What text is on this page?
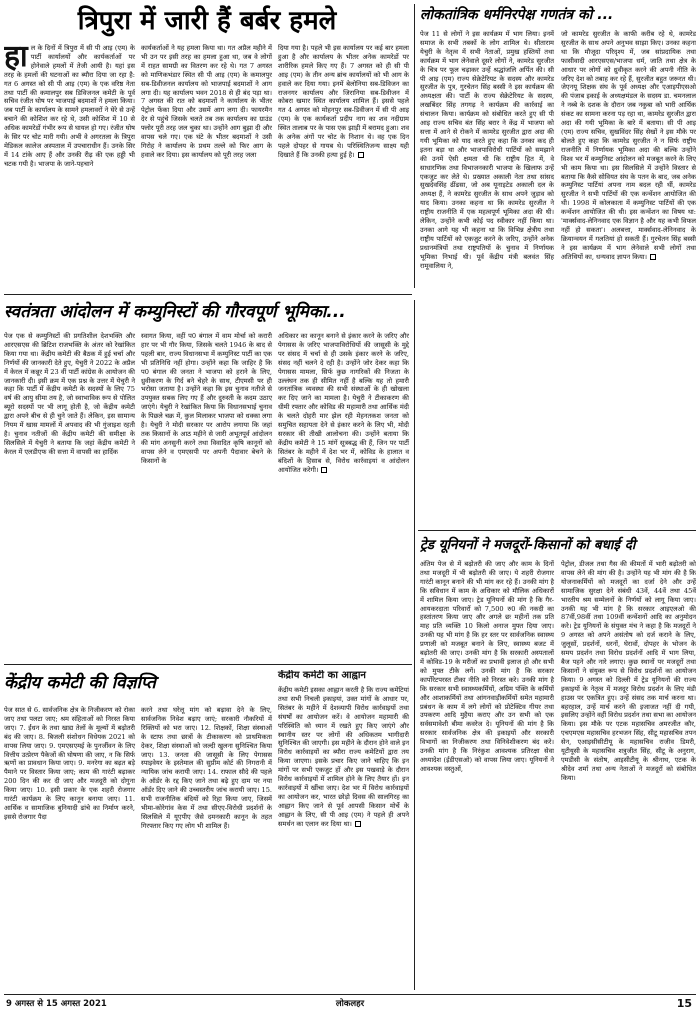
त्रिपुरा में जारी हैं बर्बर हमले
हा ल के दिनों में त्रिपुरा में सी पी आइ (एम) के पार्टी कार्यालयों और कार्यकर्ताओं पर होनेवाले हमलों में तेजी आयी है। यहां इस तरह के हमलों की घटनाओं का ब्यौरा दिया जा रहा है: गत 6 अगस्त को सी पी आइ (एम) के एक वरिष्ठ नेता तथा पार्टी की कमालपुर सब डिविजनल कमेटी के पूर्व सचिव रंजीत घोष पर भाजपाई बदमाशों ने हमला किया। जब पार्टी के कार्यालय के सामने हमलावरों ने घेरे से उन्हें बचाने की कोशिश कर रहे थे, उसी कोशिश में 10 से अधिक कामरेडों गंभीर रूप से घायल हो गए। रंजीत घोष के सिर पर चोट मारी गयी। अभी वे अगरतला के त्रिपुरा मेडिकल कालेज अस्पताल में उपचाराधीन हैं। उनके सिर में 14 टांके आए हैं और उनकी रीढ़ की एक हड्डी भी चटक गयी है। भाजपा के जाने-पहचाने
कार्यकर्ताओं ने यह हमला किया था। गत अप्रैल महीने में भी उन पर इसी तरह का हमला हुआ था, जब वे लोगों में राहत सामग्री का वितरण कर रहे थे। गत 7 अगस्त को माणिकभंडार स्थित सी पी आइ (एम) के कमालपुर सब-डिवीजनल कार्यालय को भाजपाई बदमाशों ने आग लगा दी। यह कार्यालय भवन 2018 से ही बंद पड़ा था। 7 अगस्त की रात को बदमाशों ने कार्यालय के भीतर पेट्रोल फेंका दिया और उसमें आग लगा दी। फायरमैन देर से पहुंचे जिसके चलते तब तक कार्यालय का ग्राउंड फ्लोर पूरी तरह जल चुका था। उन्होंने आग बुझा दी और वापस चले गए। एक घंटे के भीतर बदमाशों ने उसी गिरोह ने कार्यालय के प्रथम तल्ले को फिर आग के हवाले कर दिया। इस कार्यालय को पूरी तरह जला
दिया गया है। पहले भी इस कार्यालय पर कई बार हमला हुआ है और कार्यालय के भीतर अनेक कामरेडों पर शारीरिक हमले किए गए हैं। 7 अगस्त को ही सी पी आइ (एम) के तीन अन्य ब्रांच कार्यालयों को भी आग के हवाले कर दिया गया। इनमें बेलोनिया सब-डिविजन का राजनगर कार्यालय और जिरानिया सब-डिवीजन में कोबरा खमार स्थित कार्यालय शामिल हैं। इससे पहले गत 4 अगस्त को मोहनपुर सब-डिवीजन में सी पी आइ (एम) के एक कार्यकर्ता प्रदीप नाग का शव नदीग्राम स्थित तालाब पर के पास एक झाड़ी में बरामद हुआ। शव के अनेक अंगों पर चोट के निशान थे। वह एक दिन पहले दोपहर से गायब थे। परिस्थितिजन्य साक्ष्य यही दिखाते हैं कि उनकी हत्या हुई है।
लोकतांत्रिक धर्मनिरपेक्ष गणतंत्र को ...
पेज 11 से लोगों ने इस कार्यक्रम में भाग लिया। इनमें समाज के सभी तबकों के लोग शामिल थे। सीताराम येचुरी के नेतृत्व में सभी नेताओं, प्रमुख हस्तियों तथा कार्यक्रम में भाग लेनेवाले दूसरे लोगों ने, कामरेड सुरजीत के चित्र पर फूल चढ़ाकर उन्हें श्रद्धांजलि अर्पित की। सी पी आइ (एम) राज्य सेक्रेटेरियट के सदस्य और कामरेड सुरजीत के पुत्र, गुरचेतन सिंह बस्सी ने इस कार्यक्रम की अध्यक्षता की। पार्टी के राज्य सेक्रेटेरियट के सदस्य, लखबिंदर सिंह तगगढ़ ने कार्यक्रम की कार्रवाई का संचालन किया। कार्यक्रम को संबोधित करते हुए सी पी आइ राज्य सचिव बंत सिंह बरार ने केंद्र में भाजपा को सत्ता में आने से रोकने में कामरेड सुरजीत द्वारा अदा की गयी भूमिका को याद करते हुए कहा कि उनका कद ही इतना बड़ा था और भाजपाविरोधी पार्टियों को समझाने की उनमें ऐसी क्षमता थी कि राष्ट्रीय हित में, वे साधारणिक तथा विभाजनकारी भाजपा के खिलाफ उन्हें एकजुट कर लेते थे। प्रख्यात अकाली नेता तथा सांसद सुखदेवसिंह ढींढसा, जो अब यूनाइटेड अकाली दल के अध्यक्ष हैं, ने कामरेड सुरजीत के साथ अपने जुड़ाव को याद किया। उनका कहना था कि कामरेड सुरजीत ने राष्ट्रीय राजनीति में एक महत्वपूर्ण भूमिका अदा की थी। लेकिन, उन्होंने कभी कोई पद स्वीकार नहीं किया था। उनका आगे यह भी कहना था कि विभिन्न क्षेत्रीय तथा राष्ट्रीय पार्टियों को एकजुट करने के जरिए, उन्होंने अनेक प्रधानमंत्रियों तथा राष्ट्रपतियों के चुनाव में निर्णायक भूमिका निभाई थी। पूर्व केंद्रीय मंत्री बलवंत सिंह रामूवालिया ने,
जो कामरेड सुरजीत के काफी करीब रहे थे, कामरेड सुरजीत के साथ अपने अनुभव साझा किए। उनका कहना था कि मौजूदा परिदृश्य में, जब सांप्रदायिक तथा फासीवादी आरएसएस/भाजपा धर्म, जाति तथा क्षेत्र के आधार पर लोगों को ध्रुवीकृत करने की अपनी नीति के जरिए देश को तबाह कर रहे हैं, सुरजीत बहुत जरूरत थी। जेएनयू शिक्षक संघ के पूर्व अध्यक्ष और एआइपीएसओ की पंजाब इकाई के अध्यक्षमंडल के सदस्य डा. चमनलाल ने नब्बे के दशक के दौरान जब नकुबा को भारी आर्थिक संकट का सामना करना पड़ रहा था, कामरेड सुरजीत द्वारा अदा की गयी भूमिका के बारे में बताया। सी पी आइ (एम) राज्य सचिव, सुखविंदर सिंह सेखों ने इस मौके पर बोलते हुए कहा कि कामरेड सुरजीत ने न सिर्फ राष्ट्रीय राजनीति में निर्णायक भूमिका अदा की बल्कि उन्होंने विश्व भर में कम्युनिस्ट आंदोलन को मजबूत करने के लिए भी काम किया था। इस सिलसिले में उन्होंने विस्तार से बताया कि कैसे सोवियत संघ के पतन के बाद, जब अनेक कम्युनिस्ट पार्टियां अपना नाम बदल रही थीं, कामरेड सुरजीत ने सभी पार्टियों की एक कन्वेंशन आयोजित की थी। 1998 में कोलकाता में कम्युनिस्ट पार्टियों की एक कन्वेंशन आयोजित की थी। इस कन्वेंशन का विषय था: 'मार्क्सवाद-लेनिनवाद एक विज्ञान है और यह कभी विफल नहीं हो सकता'। अलबत्ता, मार्क्सवाद-लेनिनवाद के क्रियान्वयन में गलतियां हो सकती हैं। गुरचेतन सिंह बस्सी ने इस कार्यक्रम में भाग लेनेवाले सभी लोगों तथा अतिथियों का, धन्यवाद ज्ञापन किया।
स्वतंत्रता आंदोलन में कम्युनिस्टों की गौरवपूर्ण भूमिका...
पेज एक से कम्युनिस्टों की प्रगतिशील देशभक्ति और आरएसएस की ब्रिटिश राजभक्ति के अंतर को रेखांकित किया गया था। केंद्रीय कमेटी की बैठक में हुई चर्चा और निर्णयों की जानकारी देते हुए, येचुरी ने 2022 के अप्रैल में केरल में कन्नूर में 23 वीं पार्टी कांग्रेस के आयोजन की जानकारी दी। इसी क्रम में एक प्रश्न के उत्तर में येचुरी ने कहा कि पार्टी में केंद्रीय कमेटी के सदस्यों के लिए 75 वर्ष की आयु सीमा तय है, जो स्वाभाविक रूप से पोलित ब्यूरो सदस्यों पर भी लागू होती है, जो केंद्रीय कमेटी द्वारा अपने बीच से ही चुने जाते हैं। लेकिन, इस सामान्य नियम में खास मामलों में अपवाद की भी गुंजाइश रहती है। चुनाव नतीजों की केंद्रीय कमेटी की समीक्षा के सिलसिले में येचुरी ने बताया कि जहां केंद्रीय कमेटी ने केरल में एलडीएफ की सत्ता में वापसी का हार्दिक
स्वागत किया, वहीं प0 बंगाल में वाम मोर्चा को करारी हार पर भी गौर किया, जिसके चलते 1946 के बाद से पहली बार, राज्य विधानसभा में कम्युनिस्ट पार्टी का एक भी प्रतिनिधि नहीं होगा। उन्होंने कहा कि जाहिर है कि प0 बंगाल की जनता ने भाजपा को हराने के लिए, ध्रुवीकरण के गिर्द बने चेहरे के साथ, टीएमसी पर ही भरोसा जताया है। उन्होंने कहा कि इस चुनाव नतीजे से उपयुक्त सबक लिए गए हैं और दुरुस्ती के कदम उठाए जाएंगे। येचुरी ने रेखांकित किया कि विधानसभाई चुनाव के पिछले चक्र में, कुल मिलाकर भाजपा को धक्का लगा है। येचुरी ने मोदी सरकार पर आरोप लगाया कि जहां तक किसानों के आठ महीने से जारी अभूतपूर्व आंदोलन की मांग अनसुनी करने तथा विवादित कृषि कानूनों को वापस लेने व एमएसपी पर अपनी पैदावार बेचने के किसानों के
अधिकार का कानून बनाने से इंकार करने के जरिए और पेगासस के जरिए भाजपाविरोधियों की जासूसी के मुद्दे पर संसद में चर्चा से ही उसके इंकार करने के जरिए, संसद नहीं चलने दे रही है। उन्होंने जोर देकर कहा कि पेगासस मामला, सिर्फ कुछ नागरिकों की निजता के उल्लंघन तक ही सीमित नहीं है बल्कि यह तो हमारी जनतांत्रिक व्यवस्था की सभी संस्थाओं के ही खोखला कर दिए जाने का मामला है। येचुरी ने टीकाकरण की धीमी रफ्तार और कोविड की महामारी तथा आर्थिक मंदी के चलते दोहरी मार झेल रही मेहनतकश जनता को समुचित सहायता देने से इंकार करने के लिए भी, मोदी सरकार की तीखी आलोचना की। उन्होंने बताया कि केंद्रीय कमेटी ने 15 मांगें सूत्रबद्ध की हैं, जिन पर पार्टी सितंबर के महीने में देश भर में, कोविड के हालात व बंदिशों के हिसाब से, विरोध कार्रवाइयां व आंदोलन आयोजित करेगी।
केंद्रीय कमेटी की विज्ञप्ति
पेज सात से 6. सार्वजनिक क्षेत्र के निजीकरण को रोका जाए तथा पलटा जाए; श्रम संहिताओं को निरस्त किया जाए। 7. ईंधन के तथा खाद्य तेलों के मूल्यों में बढ़ोतरी बंद की जाए। 8. बिजली संशोधन विधेयक 2021 को वापस लिया जाए। 9. एमएसएमई के पुनर्जीवन के लिए वित्तीय उत्प्रेरण पैकेजों की घोषणा की जाए, न कि सिर्फ ऋणों का प्रावधान किया जाए। 9. मनरेगा का बढ़त बड़े पैमाने पर विस्तार किया जाए; काम की गारंटी बढ़ाकर 200 दिन की कर दी जाए और मजदूरी को दोगुना किया जाए। 10. इसी प्रकार के एक शहरी रोजगार गारंटी कार्यक्रम के लिए कानून बनाया जाए। 11. आर्थिक व सामाजिक बुनियादी ढांचे का निर्माण करने, इससे रोजगार पैदा
करने तथा घरेलू मांग को बढ़ावा देने के लिए, सार्वजनिक निवेश बढ़ाए जाएं; सरकारी नौकरियों में रिक्तियों को भरा जाए। 12. शिक्षकों, शिक्षा संस्थाओं के स्टाफ तथा छात्रों के टीकाकरण को प्राथमिकता देकर, शिक्षा संस्थाओं को जल्दी खुलना सुनिश्चित किया जाए। 13. जनता की जासूसी के लिए पेगासस स्पाइवेयर के इस्तेमाल की सुप्रीम कोर्ट की निगरानी में न्यायिक जांच करायी जाए। 14. राफाल सौदे की पहले के ऑर्डर के रद्द किए जाने तथा बढ़े हुए दाम पर नया ऑर्डर दिए जाने की उच्चस्तरीय जांच करायी जाए। 15. सभी राजनीतिक बंदियों को रिहा किया जाए, जिसमें भीमा-कोरेगांव केस में तथा सीएए-विरोधी प्रदर्शनों के सिलसिले में यूएपीए जैसे दमनकारी कानून के तहत गिरफ्तार किए गए लोग भी शामिल हैं।
केंद्रीय कमेटी का आह्वान
केंद्रीय कमेटी इसका आह्वान करती है कि राज्य कमेटियां तथा सभी निचली इकाइयां, उक्त मांगों के आधार पर, सितंबर के महीने में देशव्यापी विरोध कार्रवाइयों तथा संघर्षों का आयोजन करें। वे आयोजन महामारी की परिस्थिति को ध्यान में रखते हुए किए जाएंगे और स्थानीय स्तर पर लोगों की अधिकतम भागीदारी सुनिश्चित की जाएगी। इस महीने के दौरान होने वाले इन विरोध कार्रवाइयों का ब्यौरा राज्य कमेटियों द्वारा तय किया जाएगा। इसके प्रचार किए जाने चाहिए कि इन मांगों पर सभी एकजुट हों और इस पखवाड़े के दौरान विरोध कार्रवाइयों में शामिल होने के लिए तैयार हों। इन कार्रवाइयों में खींचा जाए। देश भर में विरोध कार्रवाइयों का आयोजन कर, भारत छोड़ो दिवस की सालगिरह का आह्वान किए जाने से पूर्व आपसी किसान मोर्चे के आह्वान के लिए, सी पी आइ (एम) ने पहले ही अपने समर्थन का एलान कर दिया था।
ट्रेड यूनियनों ने मजदूरों-किसानों को बधाई दी
अंतिम पेज से में बढ़ोतरी की जाए और काम के दिनों तथा मजदूरी में भी बढ़ोतरी की जाए। ये शहरी रोजगार गारंटी कानून बनाने की भी मांग कर रहे हैं। उनकी मांग है कि सविधान में काम के अधिकार को मौलिक अधिकारों में शामिल किया जाए। ट्रेड यूनियनों की मांग है कि गैर-आयकरदाता परिवारों को 7,500 रु0 की नकदी का हस्तांतरण किया जाए और अगले छः महीनों तक प्रति माह प्रति व्यक्ति 10 किलो अनाज मुफ्त दिया जाए। उनकी यह भी मांग है कि हर स्तर पर सार्वजनिक स्वास्थ्य प्रणाली को मजबूत बनाने के लिए, स्वास्थ्य बजट में बढ़ोतरी की जाए। उनकी मांग है कि सरकारी अस्पतालों में कोविड-19 के मरीजों का प्रभावी इलाज हो और सभी को मुफ्त टीके लगें। उनकी मांग है कि सरकार कार्पोरेटपरस्त टीका नीति को निरस्त करे। उनकी मांग है कि सरकार सभी स्वास्थ्यकर्मियों, अग्रिम पंक्ति के कर्मियों और आशाकर्मियों तथा आंगनवाड़ीकर्मियों समेत महामारी प्रबंधन के काम में लगे लोगों को प्रोटेक्टिव गीयर तथा उपकरण आदि मुहैया कराए और उन सभी को एक सर्वसमावेशी बीमा कवरेज दे। यूनियनों की मांग है कि सरकार सार्वजनिक क्षेत्र की इकाइयों और सरकारी विभागों का निजीकरण तथा विनिवेशीकरण बंद करे। उनकी मांग है कि निरंकुश आवश्यक प्रतिरक्षा सेवा अध्यादेश (ईडीएसओ) को वापस लिया जाए। यूनियनों ने आवश्यक वस्तुओं,
पेट्रोल, डीजल तथा गैस की कीमतों में भारी बढ़ोतरी को वापस लेने की मांग की है। उन्होंने यह भी मांग की है कि योजनाकर्मियों को मजदूरों का दर्जा देने और उन्हें सामाजिक सुरक्षा देने संबंधी 43वें, 44वें तथा 45वें भारतीय श्रम सम्मेलनों के निर्णयों को लागू किया जाए। उनकी यह भी मांग है कि सरकार आइएलओ की 87वीं,98वीं तथा 109वीं कन्वेंशनों आदि का अनुमोदन करे। ट्रेड यूनियनों के संयुक्त मंच ने कहा है कि मजदूरों ने 9 अगस्त को अपने असंतोष को दर्ज कराने के लिए, जुलूसों, प्रदर्शनों, धरनों, घेरावों, दोपहर के भोजन के समय प्रदर्शन तथा विरोध प्रदर्शनों आदि में भाग लिया, बैज पहने और नारे लगाए। कुछ स्थानों पर मजदूरों तथा किसानों ने संयुक्त रूप से विरोध प्रदर्शनों का आयोजन किया। 9 अगस्त को दिल्ली में ट्रेड यूनियनों की राज्य इकाइयों के नेतृत्व में मजदूर विरोध प्रदर्शन के लिए मंडी हाउस पर एकत्रित हुए। उन्हें संसद तक मार्च करना था। बहरहाल, उन्हें मार्च करने की इजाजत नहीं दी गयी, इसलिए उन्होंने वहीं विरोध प्रदर्शन तथा सभा का आयोजन किया। इस मौके पर एटक महासचिव अमरजीत कौर, एचएमएस महासचिव हरभजन सिंह, सीटू महासचिव तपन सेन, एआइसीसीटीयू के महासचिव राजीव डिमरी, यूटीयूसी के महासचिव शत्रुजीत सिंह, सीटू के अनुराग, एमडीसी के संतोष, आइसीटीयू के श्रीनाथ, एटक के श्रीदेव शर्मा तथा अन्य नेताओं ने मजदूरों को संबोधित किया।
9 अगस्त से 15 अगस्त 2021	लोकलहर	15
